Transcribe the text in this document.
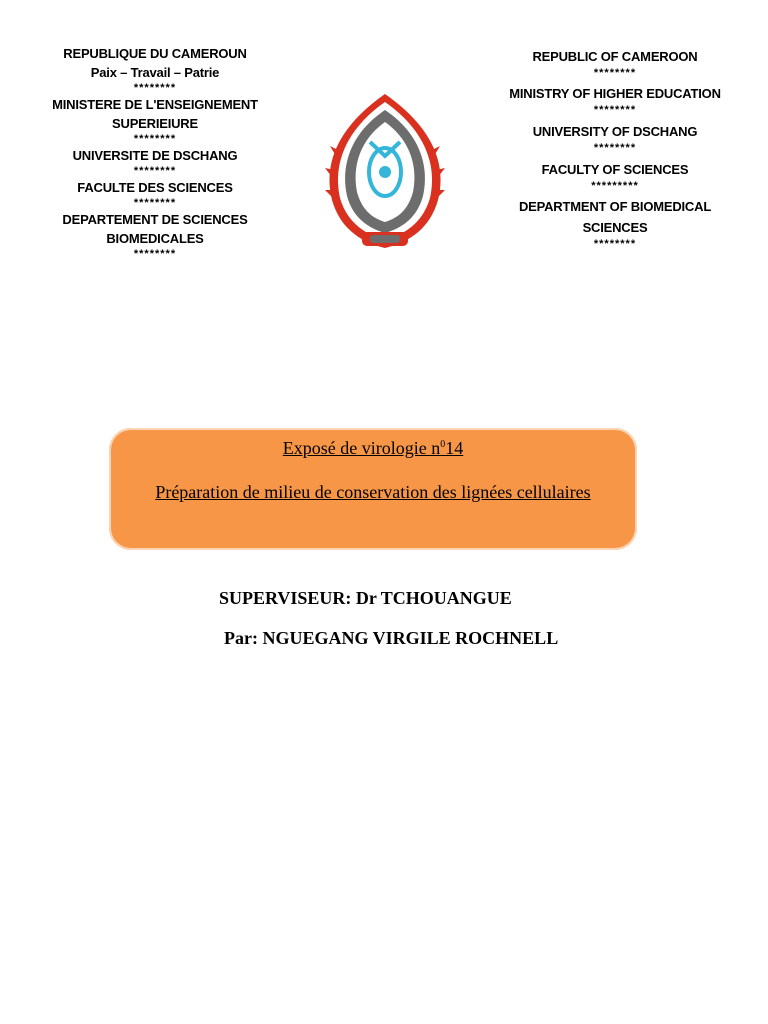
REPUBLIQUE DU CAMEROUN
Paix – Travail – Patrie
********
MINISTERE DE L'ENSEIGNEMENT SUPERIEIURE
********
UNIVERSITE DE DSCHANG
********
FACULTE DES SCIENCES
********
DEPARTEMENT DE SCIENCES BIOMEDICALES
********
REPUBLIC OF CAMEROON
********
MINISTRY OF HIGHER EDUCATION
********
UNIVERSITY OF DSCHANG
********
FACULTY OF SCIENCES
*********
DEPARTMENT OF BIOMEDICAL SCIENCES
********
Exposé de virologie $n^014$
Préparation de milieu de conservation des lignées cellulaires
SUPERVISEUR: Dr TCHOUANGUE
Par: NGUEGANG VIRGILE ROCHNELL
